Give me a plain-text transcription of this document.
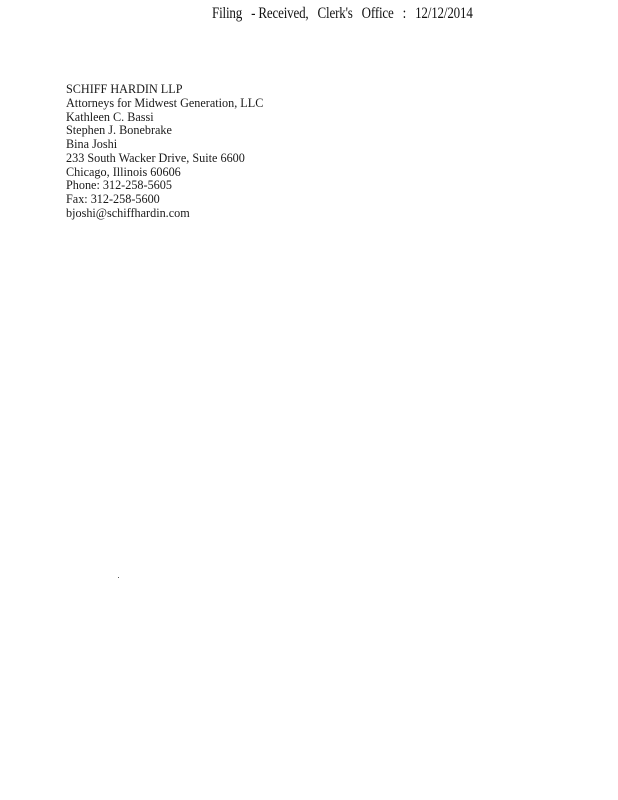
Filing - Received, Clerk's Office : 12/12/2014
SCHIFF HARDIN LLP
Attorneys for Midwest Generation, LLC
Kathleen C. Bassi
Stephen J. Bonebrake
Bina Joshi
233 South Wacker Drive, Suite 6600
Chicago, Illinois 60606
Phone: 312-258-5605
Fax: 312-258-5600
bjoshi@schiffhardin.com
